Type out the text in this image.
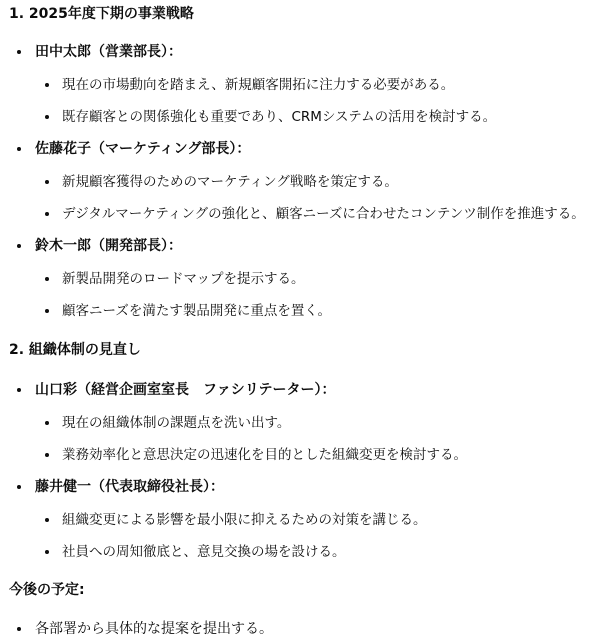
1. 2025年度下期の事業戦略
田中太郎（営業部長）：
現在の市場動向を踏まえ、新規顧客開拓に注力する必要がある。
既存顧客との関係強化も重要であり、CRMシステムの活用を検討する。
佐藤花子（マーケティング部長）：
新規顧客獲得のためのマーケティング戦略を策定する。
デジタルマーケティングの強化と、顧客ニーズに合わせたコンテンツ制作を推進する。
鈴木一郎（開発部長）：
新製品開発のロードマップを提示する。
顧客ニーズを満たす製品開発に重点を置く。
2. 組織体制の見直し
山口彩（経営企画室室長　ファシリテーター）：
現在の組織体制の課題点を洗い出す。
業務効率化と意思決定の迅速化を目的とした組織変更を検討する。
藤井健一（代表取締役社長）：
組織変更による影響を最小限に抑えるための対策を講じる。
社員への周知徹底と、意見交換の場を設ける。
今後の予定:
各部署から具体的な提案を提出する。
